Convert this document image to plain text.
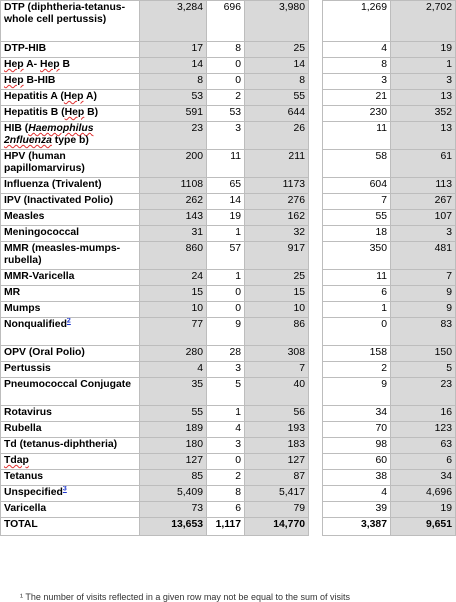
DTP (diphtheria-tetanus-whole cell pertussis)	3,284	696	3,980		1,269	2,702
DTP-HIB	17	8	25		4	19
Hep A- Hep B	14	0	14		8	1
Hep B-HIB	8	0	8		3	3
Hepatitis A (Hep A)	53	2	55		21	13
Hepatitis B (Hep B)	591	53	644		230	352
HIB (Haemophilus 2nfluenza type b)	23	3	26		11	13
HPV (human papillomarvirus)	200	11	211		58	61
Influenza (Trivalent)	1108	65	1173		604	113
IPV (Inactivated Polio)	262	14	276		7	267
Measles	143	19	162		55	107
Meningococcal	31	1	32		18	3
MMR (measles-mumps-rubella)	860	57	917		350	481
MMR-Varicella	24	1	25		11	7
MR	15	0	15		6	9
Mumps	10	0	10		1	9
Nonqualified$^2$	77	9	86		0	83
OPV (Oral Polio)	280	28	308		158	150
Pertussis	4	3	7		2	5
Pneumococcal Conjugate	35	5	40		9	23
Rotavirus	55	1	56		34	16
Rubella	189	4	193		70	123
Td (tetanus-diphtheria)	180	3	183		98	63
Tdap	127	0	127		60	6
Tetanus	85	2	87		38	34
Unspecified$^3$	5,409	8	5,417		4	4,696
Varicella	73	6	79		39	19
TOTAL	13,653	1,117	14,770		3,387	9,651
¹ The number of visits reflected in a given row may not be equal to the sum of visits
